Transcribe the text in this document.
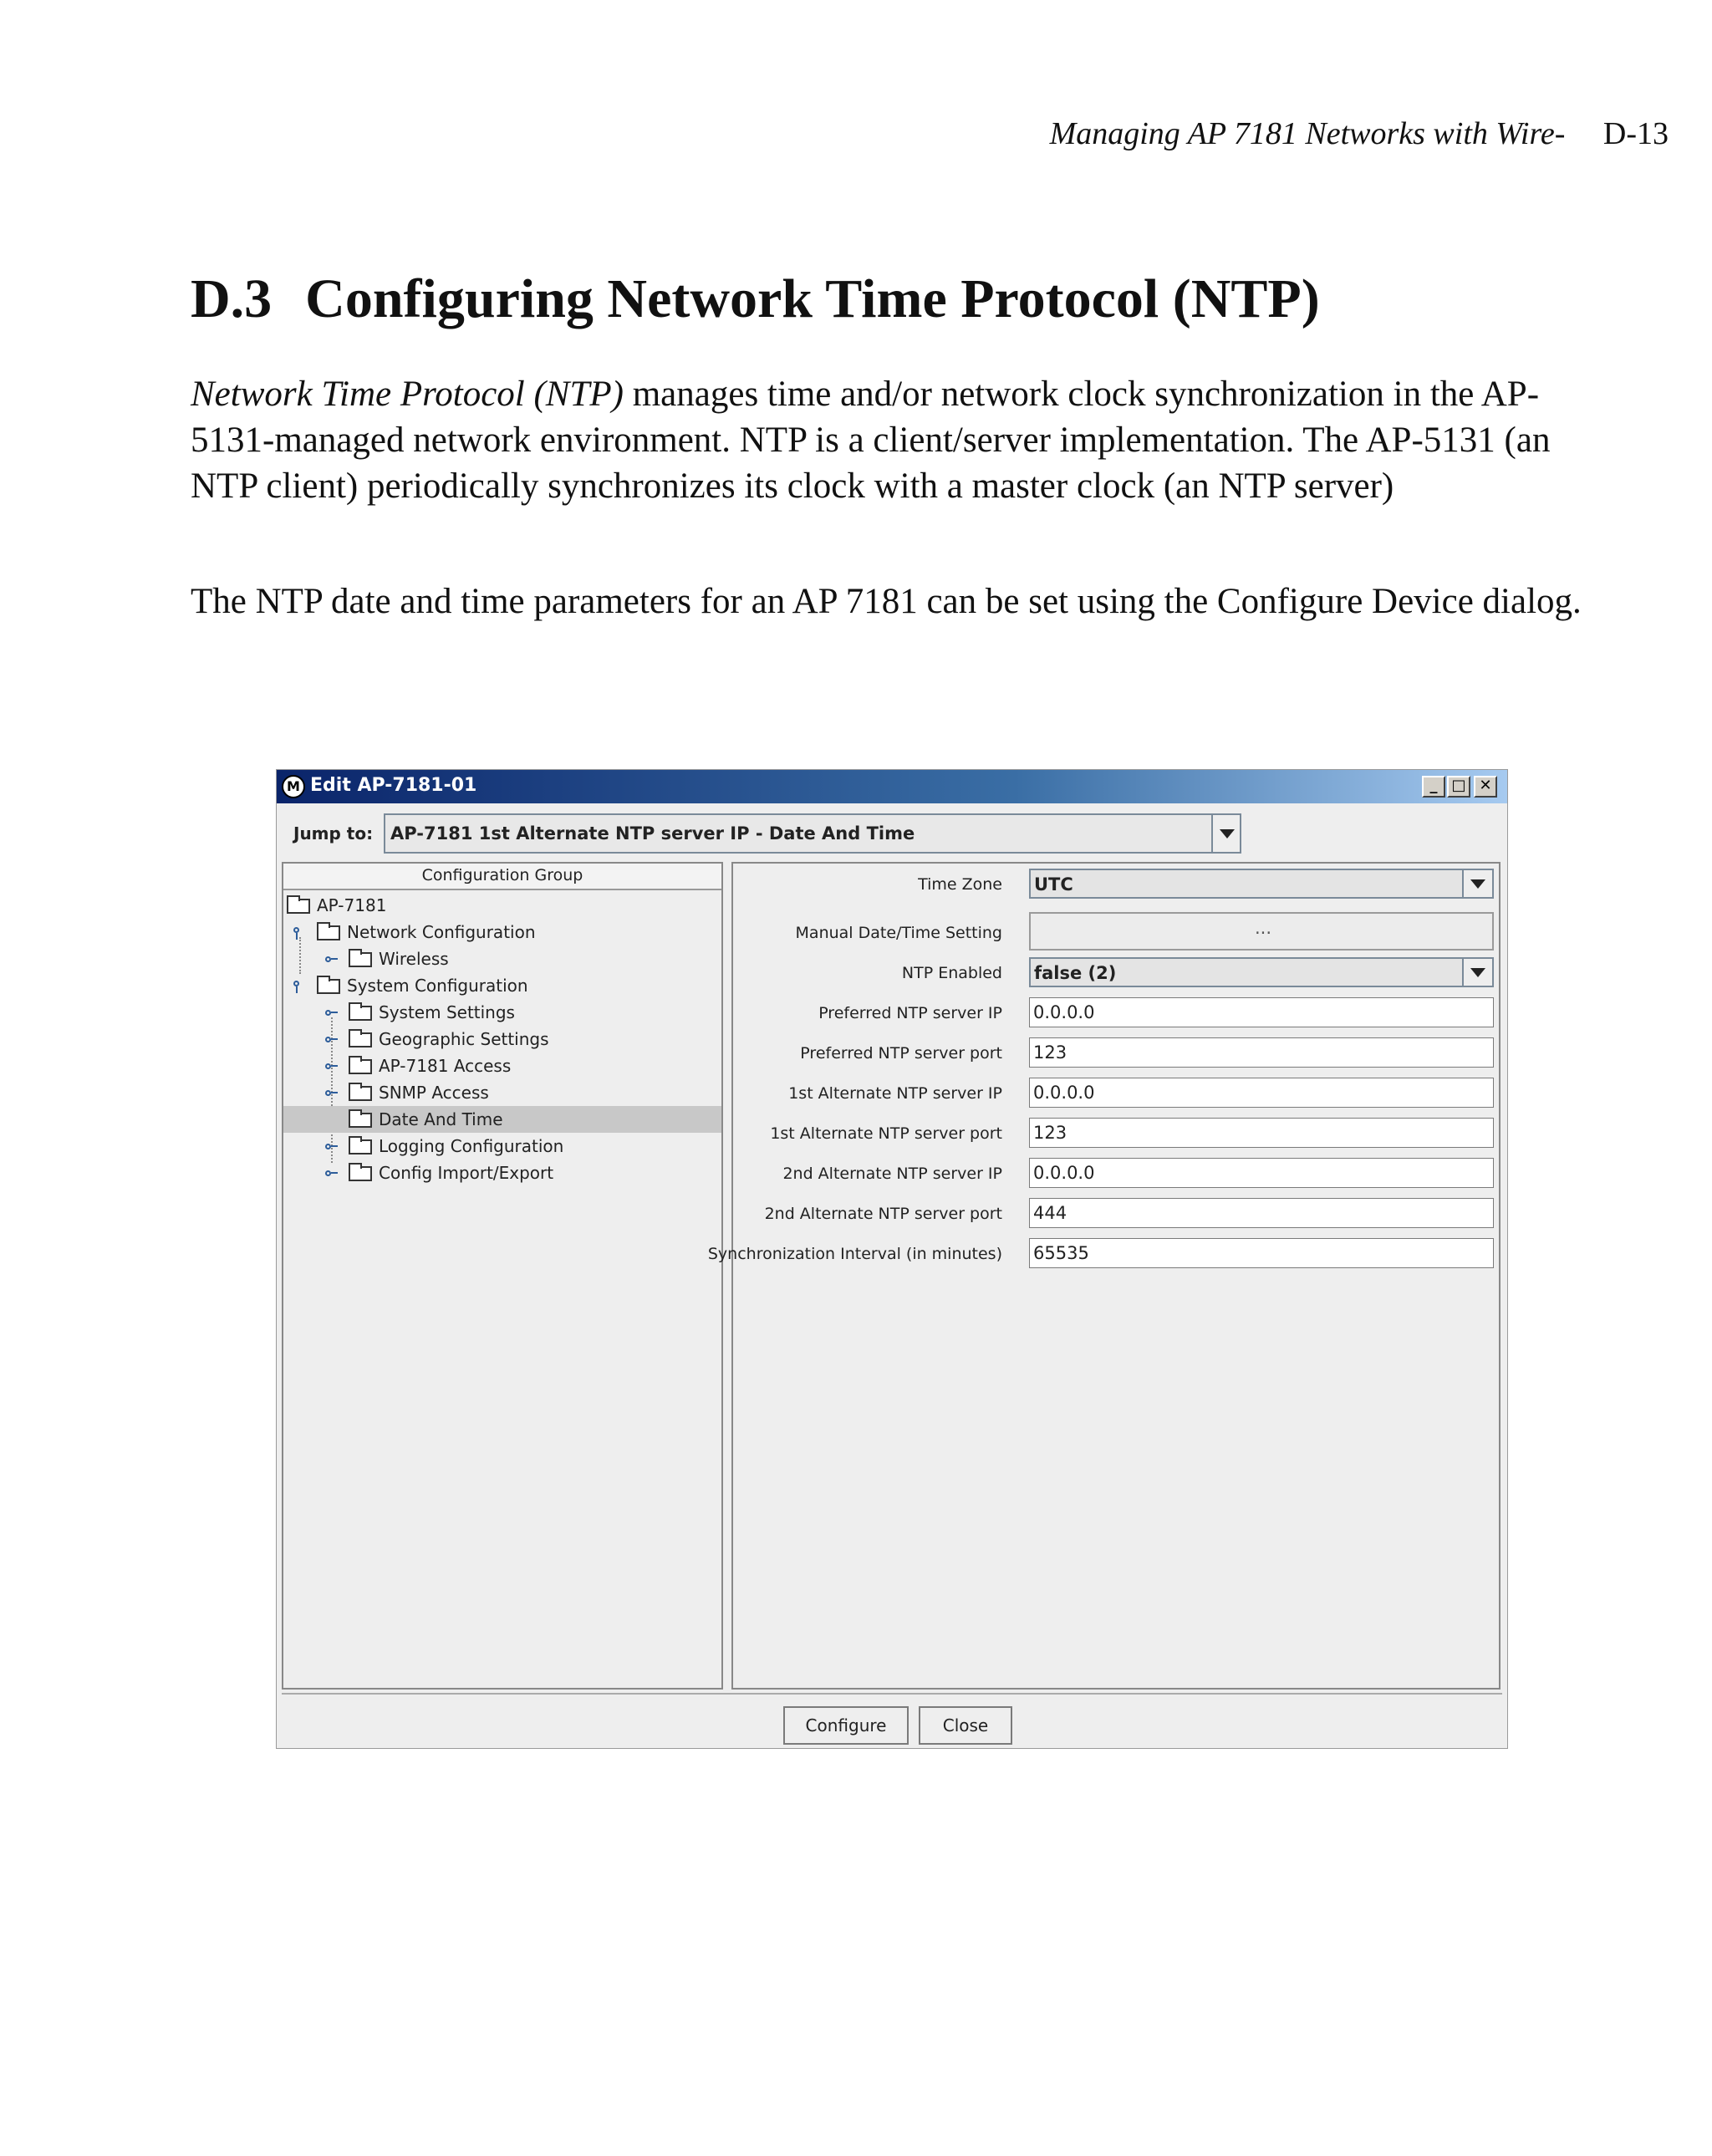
Managing AP 7181 Networks with Wire- D-13
D.3 Configuring Network Time Protocol (NTP)

Network Time Protocol (NTP) manages time and/or network clock synchronization in the AP-5131-managed network environment. NTP is a client/server implementation. The AP-5131 (an NTP client) periodically synchronizes its clock with a master clock (an NTP server)

The NTP date and time parameters for an AP 7181 can be set using the Configure Device dialog.

M Edit AP-7181-01	_ □ ✕
Jump to: AP-7181 1st Alternate NTP server IP - Date And Time
Configuration Group
AP-7181
Network Configuration
Wireless
System Configuration
System Settings
Geographic Settings
AP-7181 Access
SNMP Access
Date And Time
Logging Configuration
Config Import/Export
Time Zone UTC
Manual Date/Time Setting	...
NTP Enabled false (2)
Preferred NTP server IP 0.0.0.0
Preferred NTP server port 123
1st Alternate NTP server IP 0.0.0.0
1st Alternate NTP server port 123
2nd Alternate NTP server IP 0.0.0.0
2nd Alternate NTP server port 444
Synchronization Interval (in minutes) 65535
Configure	Close
